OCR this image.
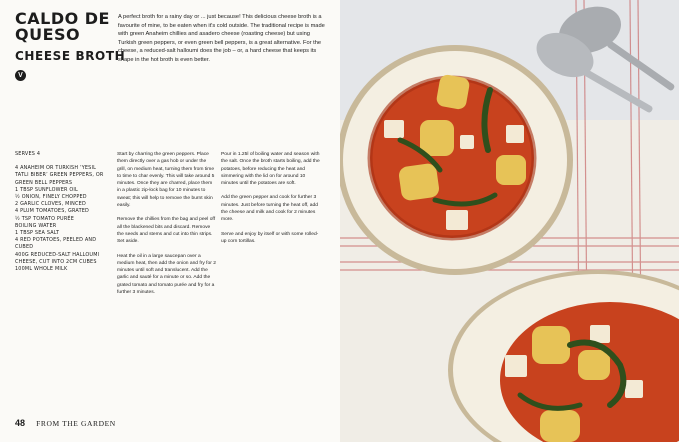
CALDO DE QUESO
CHEESE BROTH
V

A perfect broth for a rainy day or ... just because! This delicious cheese broth is a favourite of mine, to be eaten when it's cold outside. The traditional recipe is made with green Anaheim chillies and asadero cheese (roasting cheese) but using Turkish green peppers, or even green bell peppers, is a great alternative. For the cheese, a reduced-salt halloumi does the job – or, a hard cheese that keeps its shape in the hot broth is even better.

SERVES 4
4 ANAHEIM OR TURKISH ‘YESIL TATLI BIBER’ GREEN PEPPERS, OR GREEN BELL PEPPERS
1 TBSP SUNFLOWER OIL
½ ONION, FINELY CHOPPED
2 GARLIC CLOVES, MINCED
4 PLUM TOMATOES, GRATED
½ TSP TOMATO PURÉE
BOILING WATER
1 TBSP SEA SALT
4 RED POTATOES, PEELED AND CUBED
400G REDUCED-SALT HALLOUMI CHEESE, CUT INTO 2CM CUBES
100ML WHOLE MILK

Start by charring the green peppers. Place them directly over a gas hob or under the grill, on medium heat, turning them from time to time to char evenly. This will take around 5 minutes. Once they are charred, place them in a plastic zip-lock bag for 10 minutes to sweat; this will help to remove the burnt skin easily.

Remove the chillies from the bag and peel off all the blackened bits and discard. Remove the seeds and stems and cut into thin strips. Set aside.

Heat the oil in a large saucepan over a medium heat, then add the onion and fry for 2 minutes until soft and translucent. Add the garlic and sauté for a minute or so. Add the grated tomato and tomato purée and fry for a further 3 minutes.

Pour in 1.25l of boiling water and season with the salt. Once the broth starts boiling, add the potatoes, before reducing the heat and simmering with the lid on for around 10 minutes until the potatoes are soft.

Add the green pepper and cook for further 3 minutes. Just before turning the heat off, add the cheese and milk and cook for 2 minutes more.

Serve and enjoy by itself or with some rolled-up corn tortillas.

48 FROM THE GARDEN
